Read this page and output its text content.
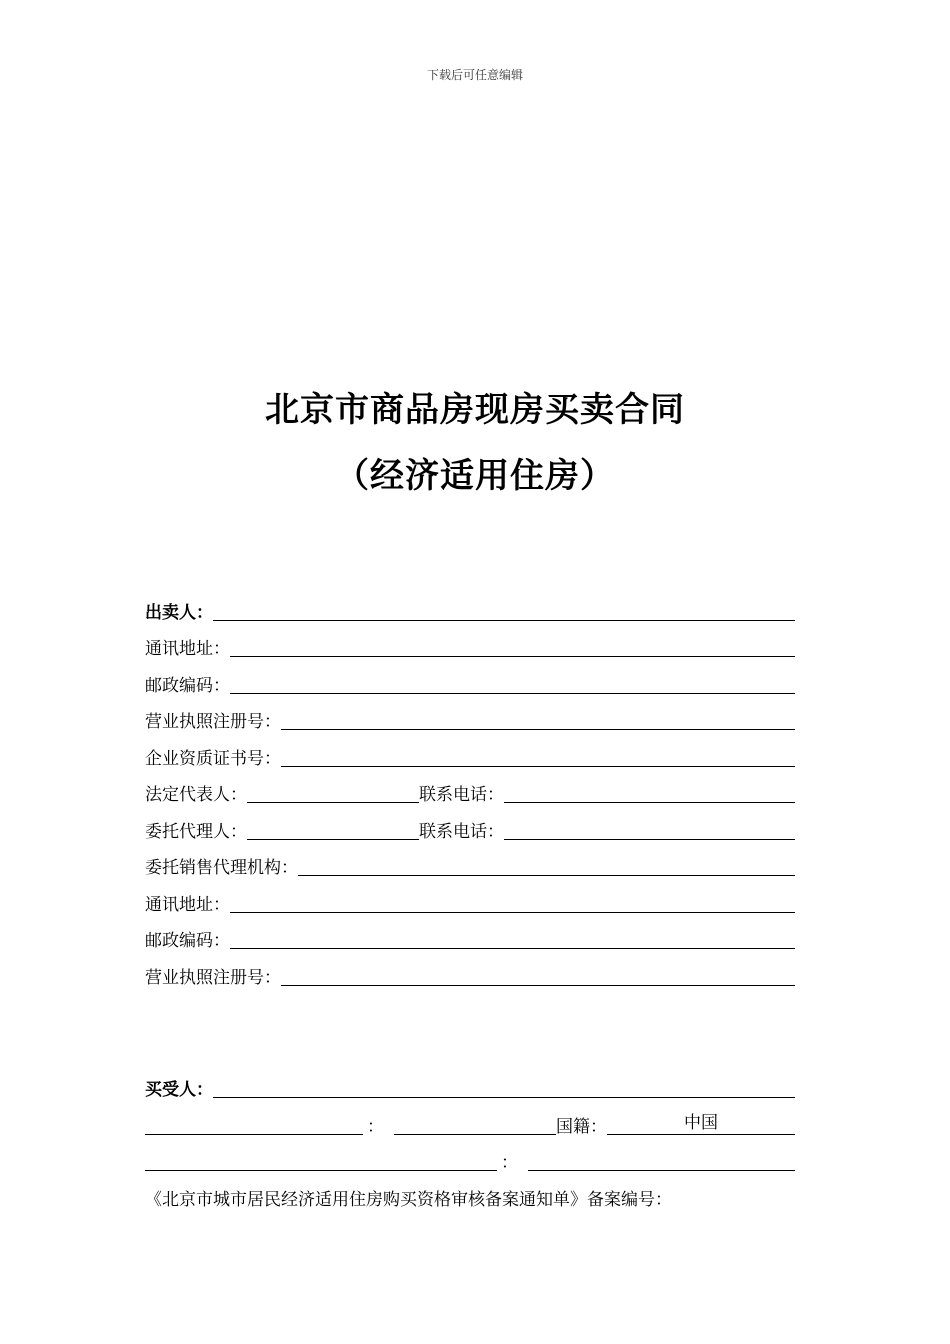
下载后可任意编辑
北京市商品房现房买卖合同
（经济适用住房）
出卖人：
通讯地址：
邮政编码：
营业执照注册号：
企业资质证书号：
法定代表人：	联系电话：
委托代理人：	联系电话：
委托销售代理机构：
通讯地址：
邮政编码：
营业执照注册号：
买受人：
：	国籍：	中国
：
《北京市城市居民经济适用住房购买资格审核备案通知单》备案编号：
